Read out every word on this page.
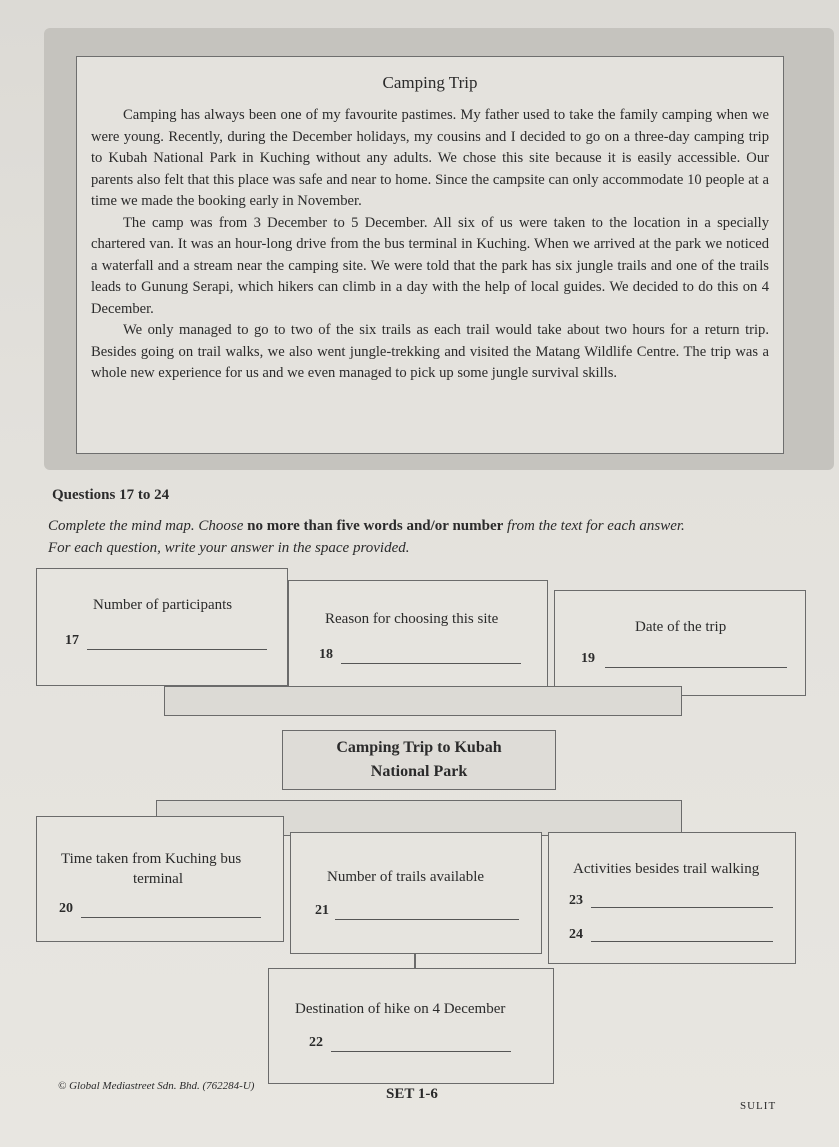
Camping Trip

Camping has always been one of my favourite pastimes. My father used to take the family camping when we were young. Recently, during the December holidays, my cousins and I decided to go on a three-day camping trip to Kubah National Park in Kuching without any adults. We chose this site because it is easily accessible. Our parents also felt that this place was safe and near to home. Since the campsite can only accommodate 10 people at a time we made the booking early in November.

The camp was from 3 December to 5 December. All six of us were taken to the location in a specially chartered van. It was an hour-long drive from the bus terminal in Kuching. When we arrived at the park we noticed a waterfall and a stream near the camping site. We were told that the park has six jungle trails and one of the trails leads to Gunung Serapi, which hikers can climb in a day with the help of local guides. We decided to do this on 4 December.

We only managed to go to two of the six trails as each trail would take about two hours for a return trip. Besides going on trail walks, we also went jungle-trekking and visited the Matang Wildlife Centre. The trip was a whole new experience for us and we even managed to pick up some jungle survival skills.

Questions 17 to 24
Complete the mind map. Choose no more than five words and/or number from the text for each answer.
For each question, write your answer in the space provided.
Number of participants
17
Reason for choosing this site
18
Date of the trip
19
Camping Trip to Kubah
National Park
Time taken from Kuching bus
terminal
20
Number of trails available
21
Activities besides trail walking
23
24
Destination of hike on 4 December
22
© Global Mediastreet Sdn. Bhd. (762284-U)	SET 1-6
SULIT
